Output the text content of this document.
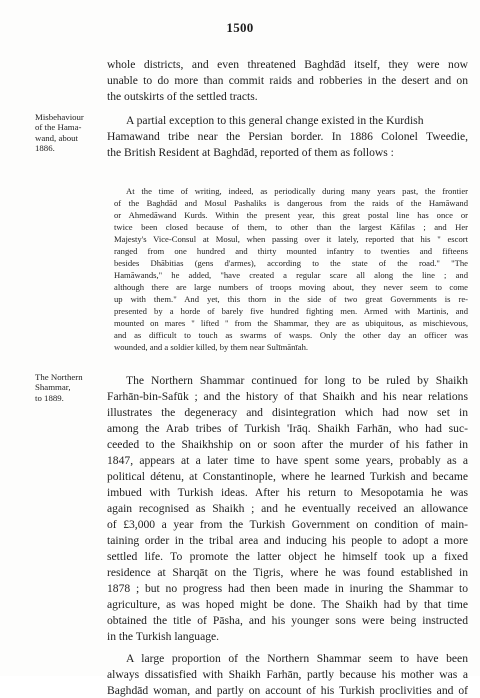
1500
whole districts, and even threatened Baghdād itself, they were now
unable to do more than commit raids and robberies in the desert and on
the outskirts of the settled tracts.
Misbehaviour
of the Hama-
wand, about
1886.
A partial exception to this general change existed in the Kurdish
Hamawand tribe near the Persian border. In 1886 Colonel Tweedie,
the British Resident at Baghdād, reported of them as follows :
At the time of writing, indeed, as periodically during many years past, the frontier
of the Baghdād and Mosul Pashaliks is dangerous from the raids of the Hamāwand
or Ahmedāwand Kurds. Within the present year, this great postal line has once or
twice been closed because of them, to other than the largest Kāfilas ; and Her
Majesty's Vice-Consul at Mosul, when passing over it lately, reported that his " escort
ranged from one hundred and thirty mounted infantry to twenties and fifteens
besides Dhābitias (gens d'armes), according to the state of the road." "The
Hamāwands," he added, "have created a regular scare all along the line ; and
although there are large numbers of troops moving about, they never seem to come
up with them." And yet, this thorn in the side of two great Governments is re-
presented by a horde of barely five hundred fighting men. Armed with Martinis, and
mounted on mares " lifted " from the Shammar, they are as ubiquitous, as mischievous,
and as difficult to touch as swarms of wasps. Only the other day an officer was
wounded, and a soldier killed, by them near Sulīmānīah.
The Northern
Shammar,
to 1889.
The Northern Shammar continued for long to be ruled by Shaikh
Farhān-bin-Safūk ; and the history of that Shaikh and his near relations
illustrates the degeneracy and disintegration which had now set in
among the Arab tribes of Turkish 'Irāq. Shaikh Farhān, who had suc-
ceeded to the Shaikhship on or soon after the murder of his father in
1847, appears at a later time to have spent some years, probably as a
political détenu, at Constantinople, where he learned Turkish and became
imbued with Turkish ideas. After his return to Mesopotamia he was
again recognised as Shaikh ; and he eventually received an allowance
of £3,000 a year from the Turkish Government on condition of main-
taining order in the tribal area and inducing his people to adopt a more
settled life. To promote the latter object he himself took up a fixed
residence at Sharqāt on the Tigris, where he was found established in
1878 ; but no progress had then been made in inuring the Shammar to
agriculture, as was hoped might be done. The Shaikh had by that time
obtained the title of Pāsha, and his younger sons were being instructed
in the Turkish language.
A large proportion of the Northern Shammar seem to have been
always dissatisfied with Shaikh Farhān, partly because his mother was a
Baghdād woman, and partly on account of his Turkish proclivities and of
